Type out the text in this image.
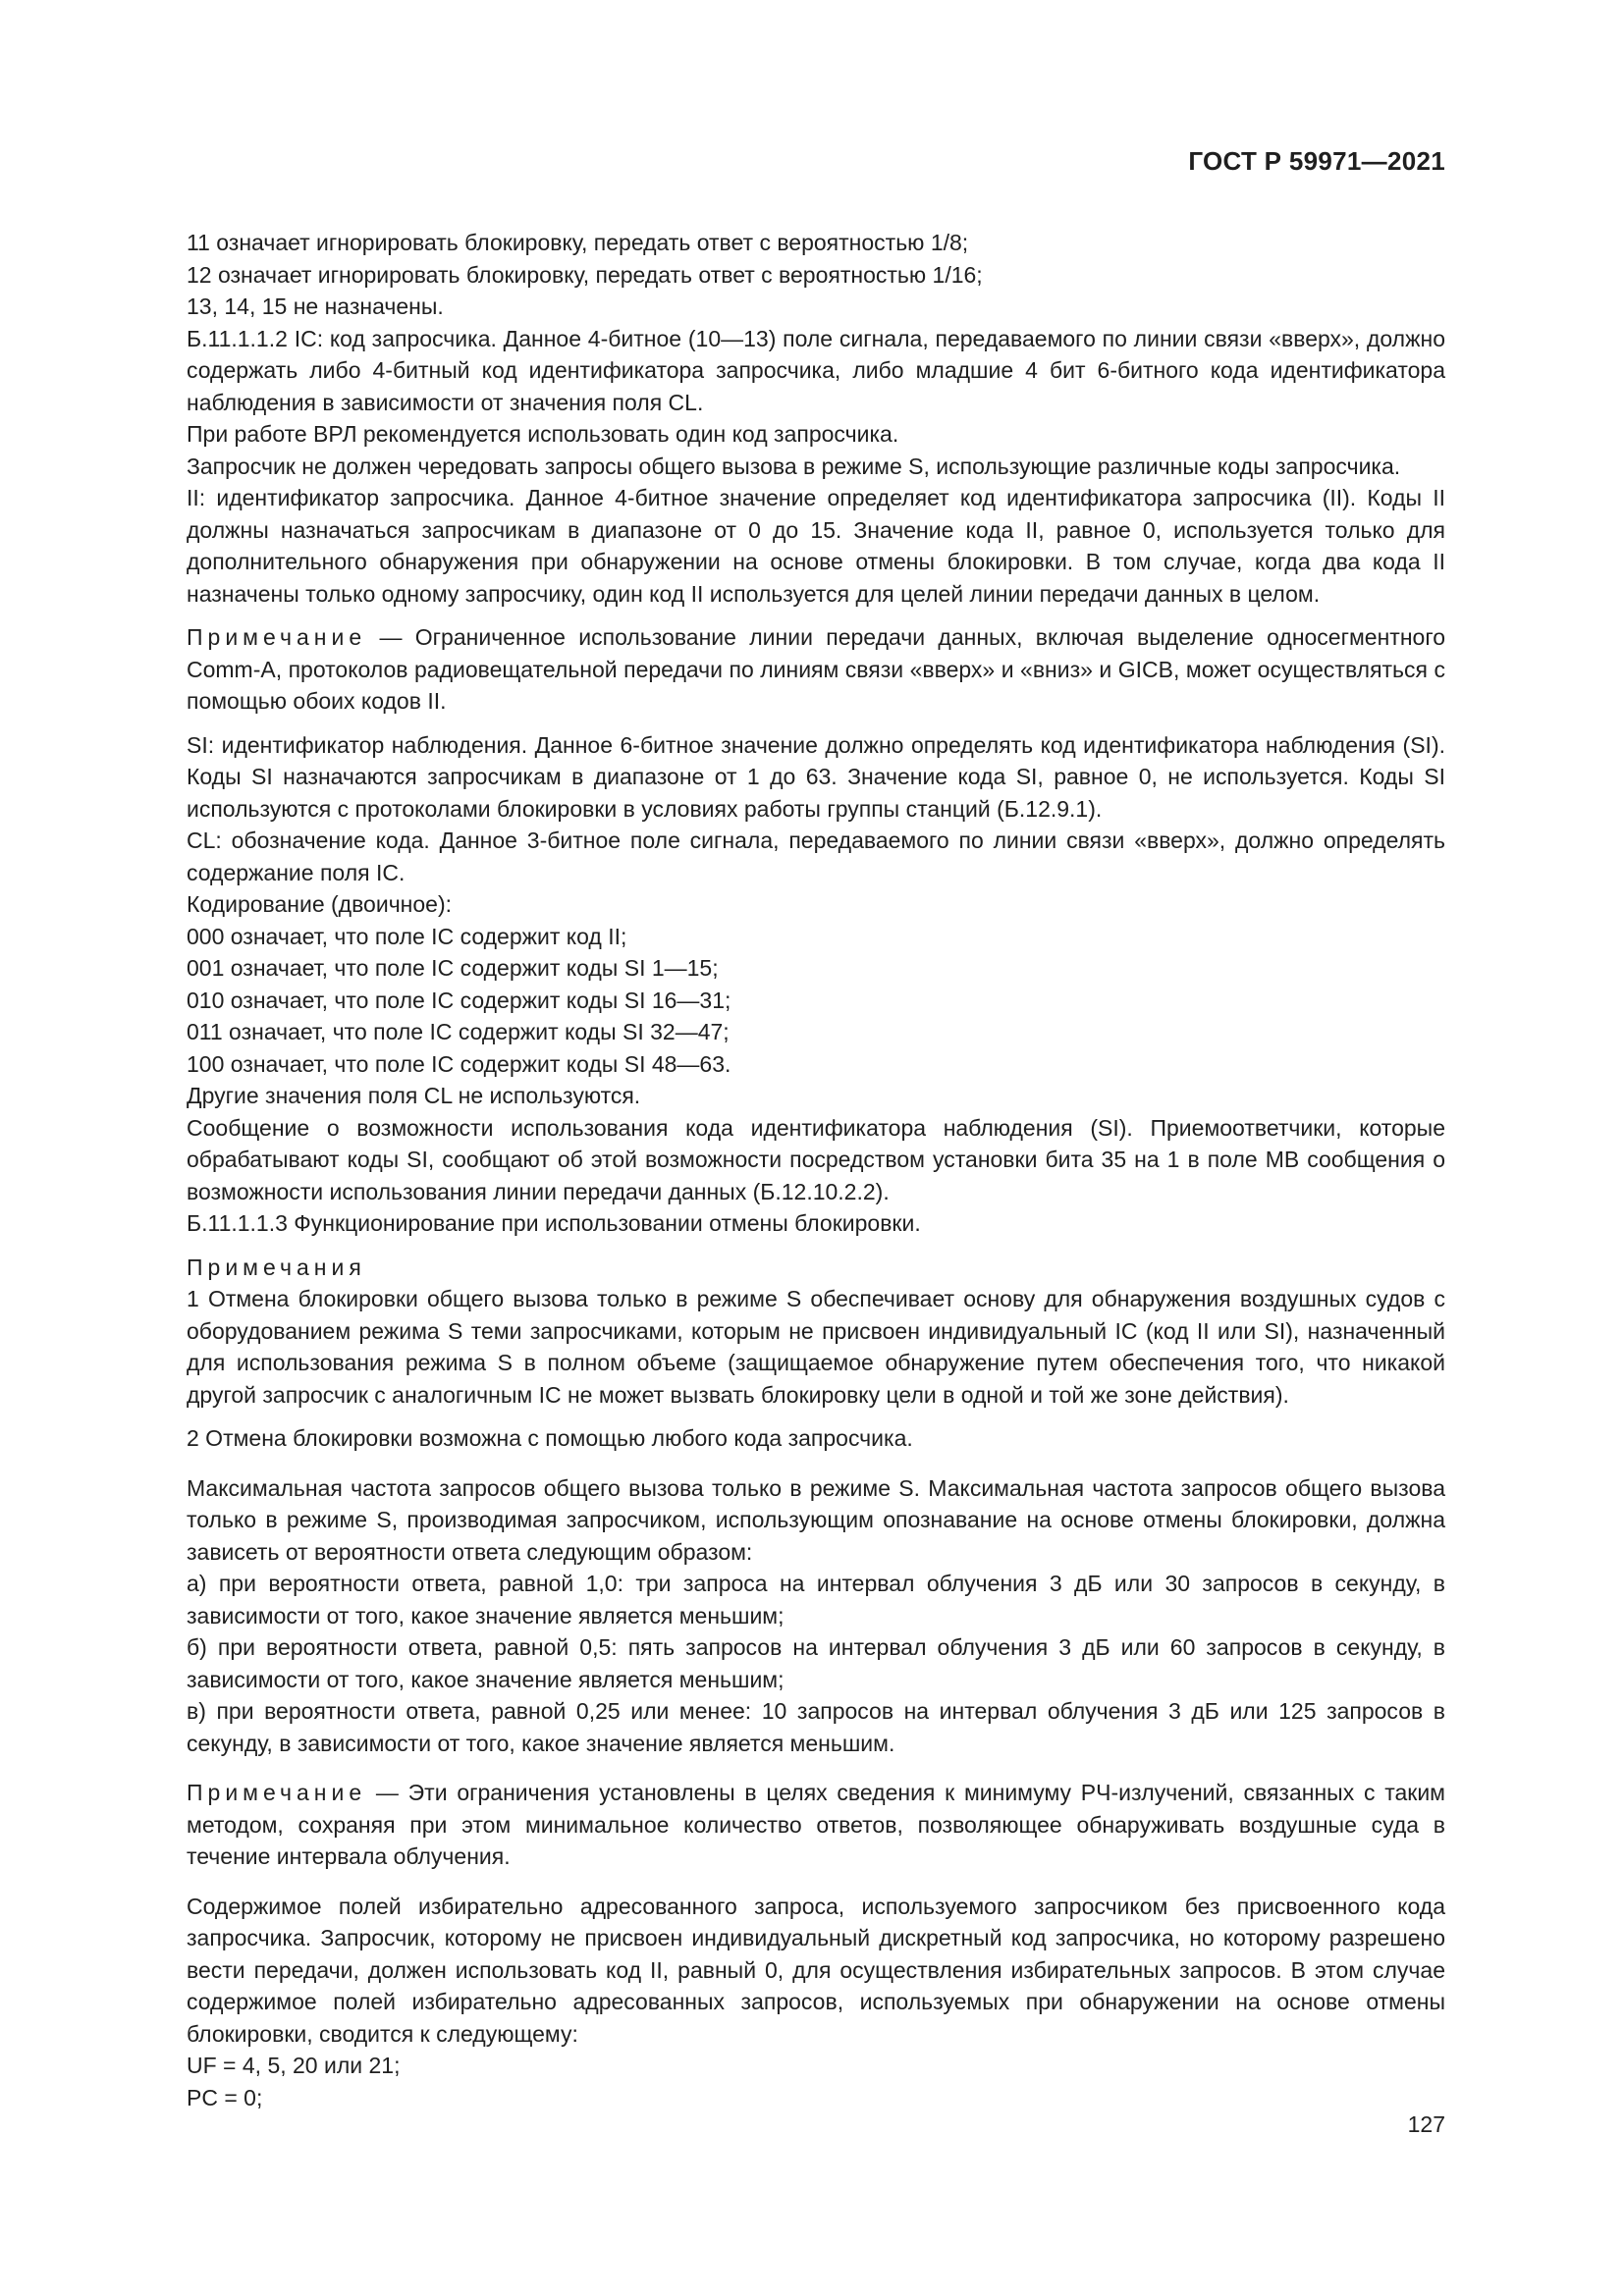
ГОСТ Р 59971—2021

11 означает игнорировать блокировку, передать ответ с вероятностью 1/8;

12 означает игнорировать блокировку, передать ответ с вероятностью 1/16;

13, 14, 15 не назначены.

Б.11.1.1.2 IC: код запросчика. Данное 4-битное (10—13) поле сигнала, передаваемого по линии связи «вверх», должно содержать либо 4-битный код идентификатора запросчика, либо младшие 4 бит 6-битного кода идентификатора наблюдения в зависимости от значения поля CL.

При работе ВРЛ рекомендуется использовать один код запросчика.

Запросчик не должен чередовать запросы общего вызова в режиме S, использующие различные коды запросчика.

II: идентификатор запросчика. Данное 4-битное значение определяет код идентификатора запросчика (II). Коды II должны назначаться запросчикам в диапазоне от 0 до 15. Значение кода II, равное 0, используется только для дополнительного обнаружения при обнаружении на основе отмены блокировки. В том случае, когда два кода II назначены только одному запросчику, один код II используется для целей линии передачи данных в целом.

Примечание — Ограниченное использование линии передачи данных, включая выделение односегментного Comm-A, протоколов радиовещательной передачи по линиям связи «вверх» и «вниз» и GICB, может осуществляться с помощью обоих кодов II.

SI: идентификатор наблюдения. Данное 6-битное значение должно определять код идентификатора наблюдения (SI). Коды SI назначаются запросчикам в диапазоне от 1 до 63. Значение кода SI, равное 0, не используется. Коды SI используются с протоколами блокировки в условиях работы группы станций (Б.12.9.1).

CL: обозначение кода. Данное 3-битное поле сигнала, передаваемого по линии связи «вверх», должно определять содержание поля IC.

Кодирование (двоичное):

000 означает, что поле IC содержит код II;

001 означает, что поле IC содержит коды SI 1—15;

010 означает, что поле IC содержит коды SI 16—31;

011 означает, что поле IC содержит коды SI 32—47;

100 означает, что поле IC содержит коды SI 48—63.

Другие значения поля CL не используются.

Сообщение о возможности использования кода идентификатора наблюдения (SI). Приемоответчики, которые обрабатывают коды SI, сообщают об этой возможности посредством установки бита 35 на 1 в поле MB сообщения о возможности использования линии передачи данных (Б.12.10.2.2).

Б.11.1.1.3 Функционирование при использовании отмены блокировки.

Примечания

1 Отмена блокировки общего вызова только в режиме S обеспечивает основу для обнаружения воздушных судов с оборудованием режима S теми запросчиками, которым не присвоен индивидуальный IC (код II или SI), назначенный для использования режима S в полном объеме (защищаемое обнаружение путем обеспечения того, что никакой другой запросчик с аналогичным IC не может вызвать блокировку цели в одной и той же зоне действия).

2 Отмена блокировки возможна с помощью любого кода запросчика.

Максимальная частота запросов общего вызова только в режиме S. Максимальная частота запросов общего вызова только в режиме S, производимая запросчиком, использующим опознавание на основе отмены блокировки, должна зависеть от вероятности ответа следующим образом:

а) при вероятности ответа, равной 1,0: три запроса на интервал облучения 3 дБ или 30 запросов в секунду, в зависимости от того, какое значение является меньшим;

б) при вероятности ответа, равной 0,5: пять запросов на интервал облучения 3 дБ или 60 запросов в секунду, в зависимости от того, какое значение является меньшим;

в) при вероятности ответа, равной 0,25 или менее: 10 запросов на интервал облучения 3 дБ или 125 запросов в секунду, в зависимости от того, какое значение является меньшим.

Примечание — Эти ограничения установлены в целях сведения к минимуму РЧ-излучений, связанных с таким методом, сохраняя при этом минимальное количество ответов, позволяющее обнаруживать воздушные суда в течение интервала облучения.

Содержимое полей избирательно адресованного запроса, используемого запросчиком без присвоенного кода запросчика. Запросчик, которому не присвоен индивидуальный дискретный код запросчика, но которому разрешено вести передачи, должен использовать код II, равный 0, для осуществления избирательных запросов. В этом случае содержимое полей избирательно адресованных запросов, используемых при обнаружении на основе отмены блокировки, сводится к следующему:

UF = 4, 5, 20 или 21;

PC = 0;

127
